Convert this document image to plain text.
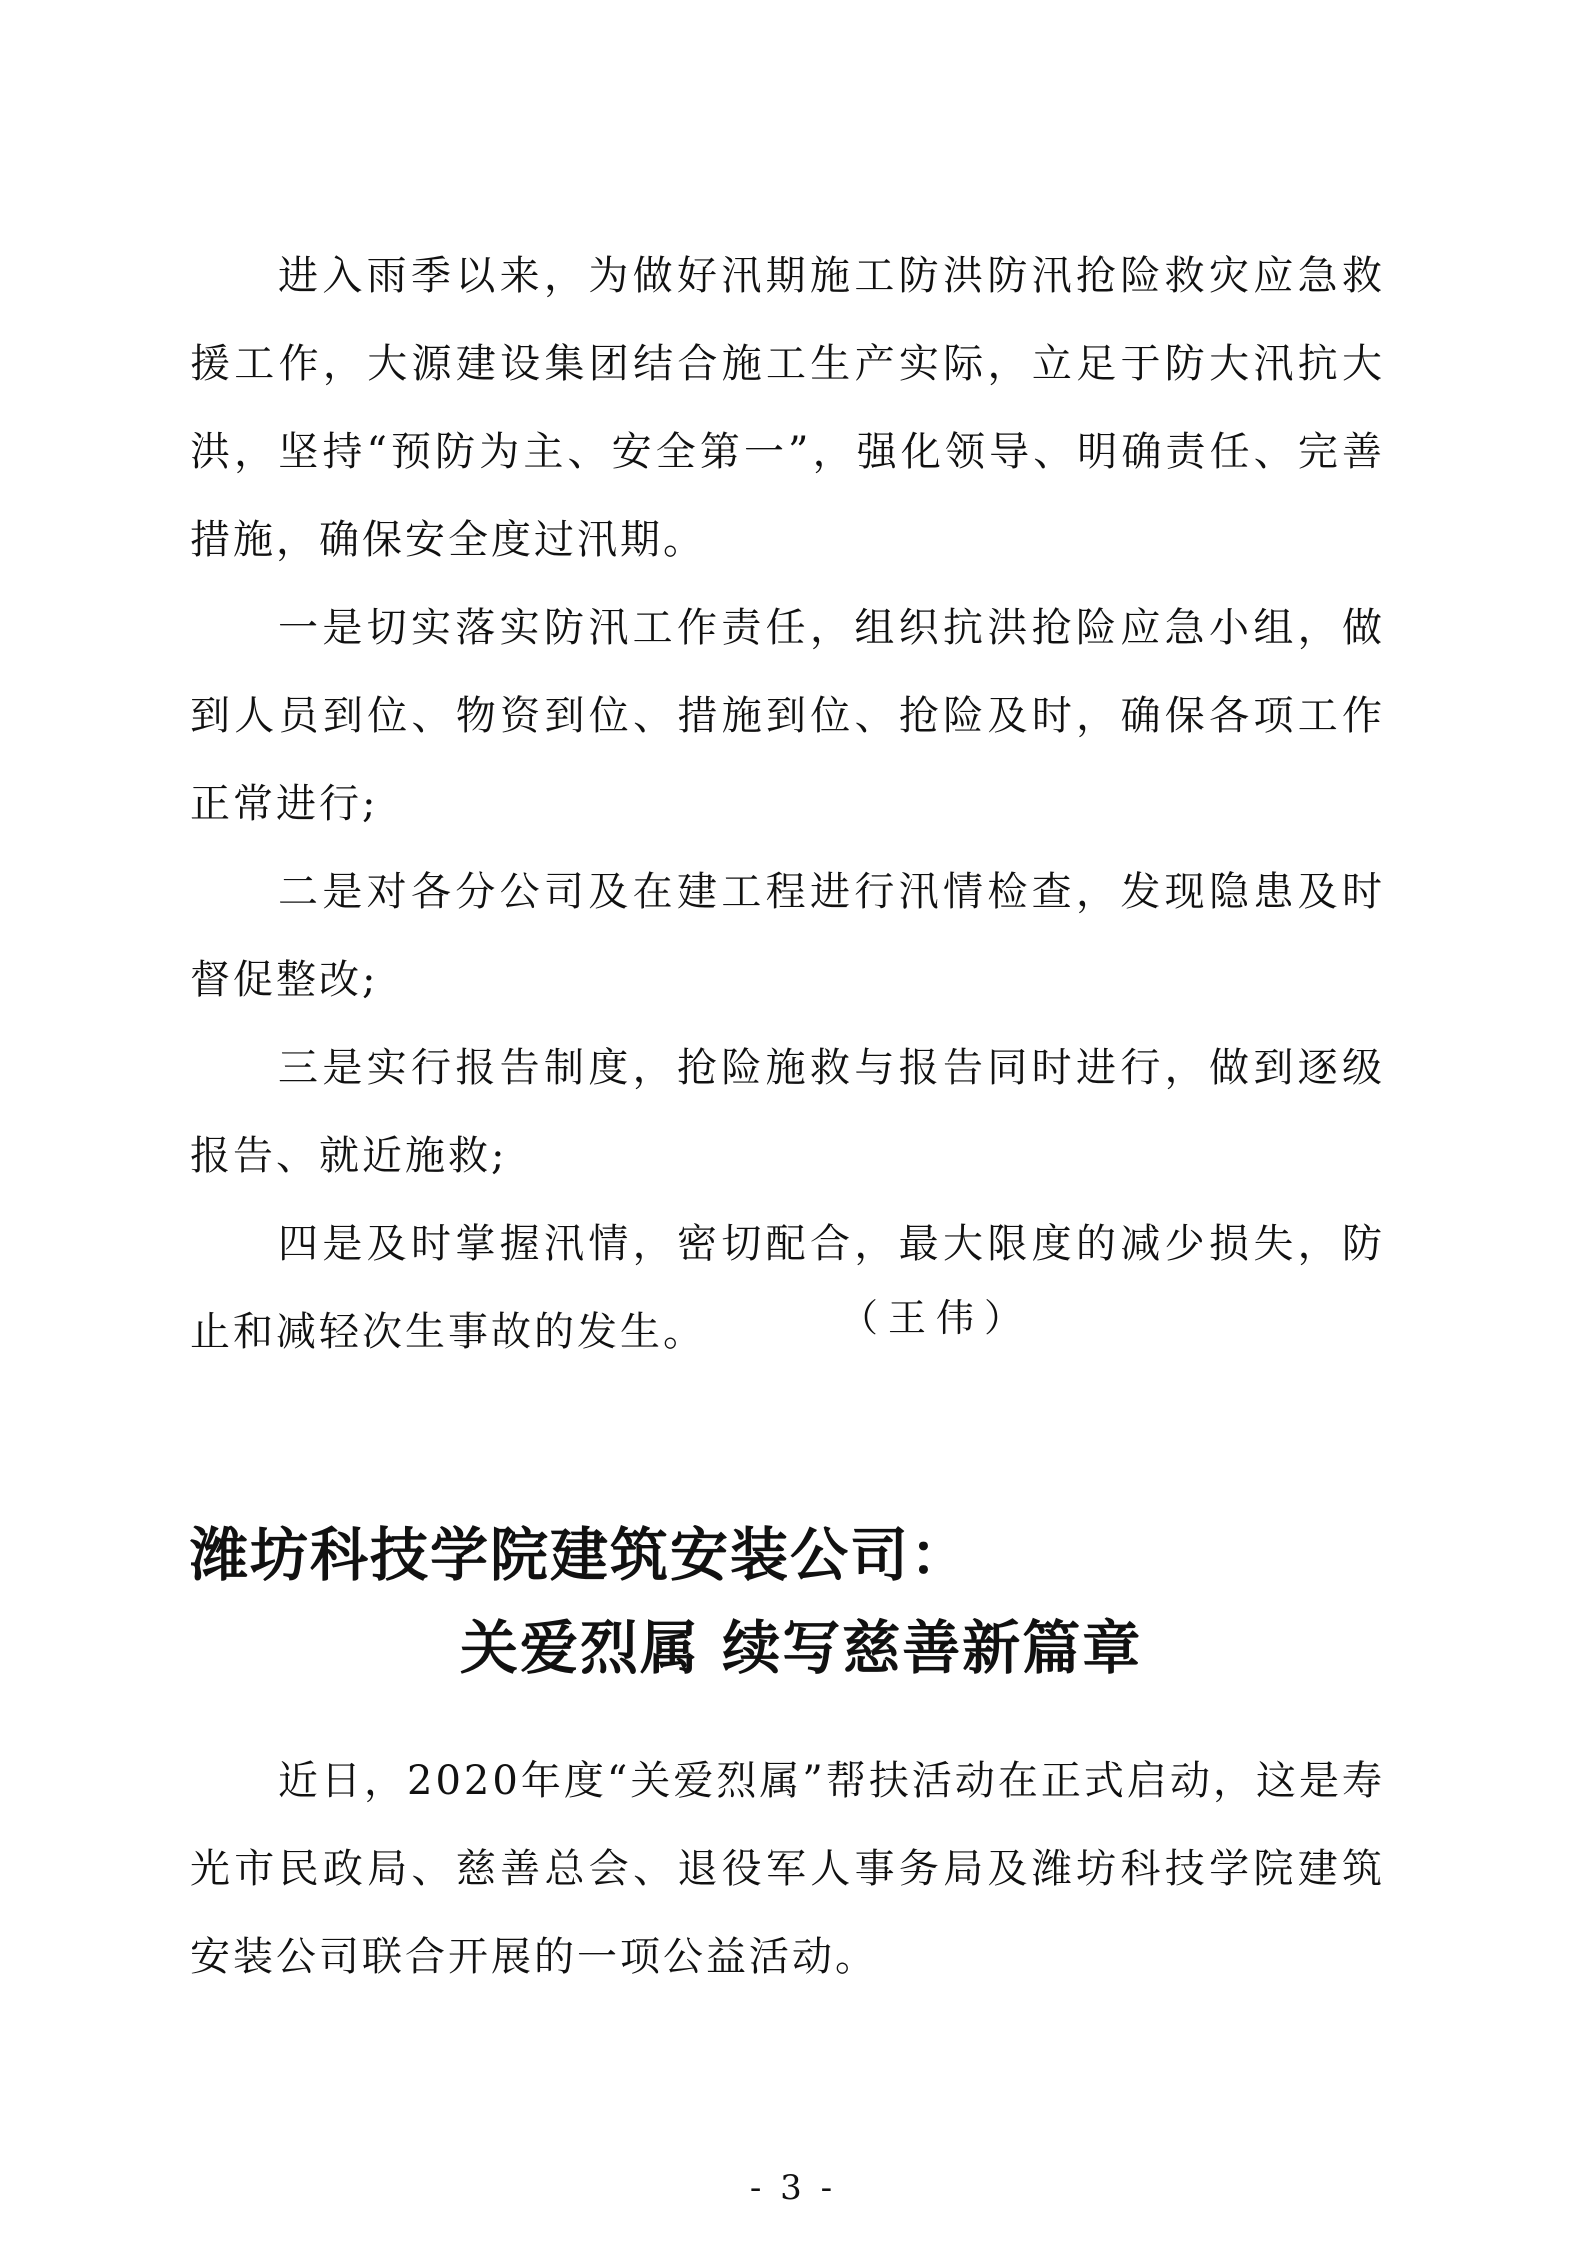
进入雨季以来，为做好汛期施工防洪防汛抢险救灾应急救援工作，大源建设集团结合施工生产实际，立足于防大汛抗大洪，坚持“预防为主、安全第一”，强化领导、明确责任、完善措施，确保安全度过汛期。

一是切实落实防汛工作责任，组织抗洪抢险应急小组，做到人员到位、物资到位、措施到位、抢险及时，确保各项工作正常进行;

二是对各分公司及在建工程进行汛情检查，发现隐患及时督促整改;

三是实行报告制度，抢险施救与报告同时进行，做到逐级报告、就近施救;

四是及时掌握汛情，密切配合，最大限度的减少损失，防止和减轻次生事故的发生。	（王伟）
潍坊科技学院建筑安装公司：
关爱烈属 续写慈善新篇章

近日，2020年度“关爱烈属”帮扶活动在正式启动，这是寿光市民政局、慈善总会、退役军人事务局及潍坊科技学院建筑安装公司联合开展的一项公益活动。

- 3 -
